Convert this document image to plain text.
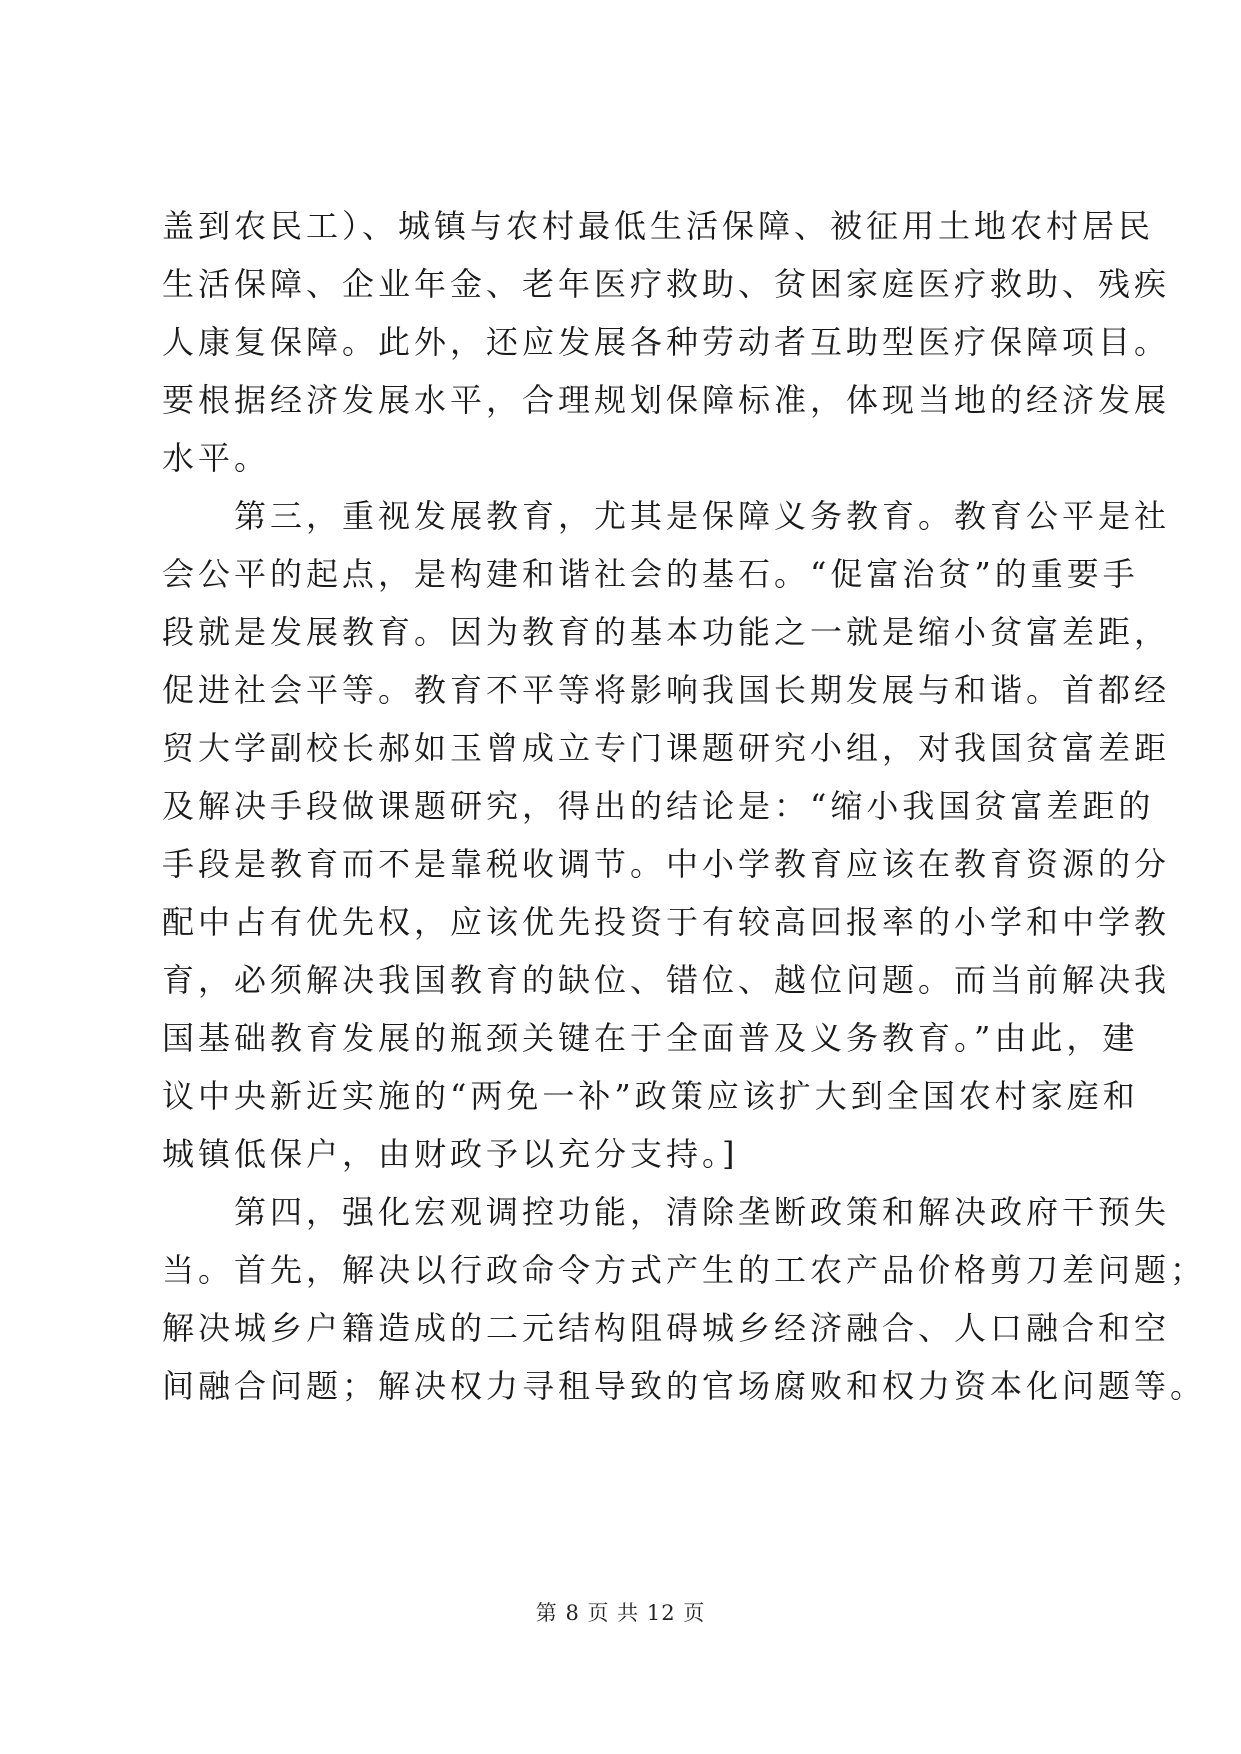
盖到农民工）、城镇与农村最低生活保障、被征用土地农村居民
生活保障、企业年金、老年医疗救助、贫困家庭医疗救助、残疾
人康复保障。此外，还应发展各种劳动者互助型医疗保障项目。
要根据经济发展水平，合理规划保障标准，体现当地的经济发展
水平。
　　第三，重视发展教育，尤其是保障义务教育。教育公平是社
会公平的起点，是构建和谐社会的基石。“促富治贫”的重要手
段就是发展教育。因为教育的基本功能之一就是缩小贫富差距，
促进社会平等。教育不平等将影响我国长期发展与和谐。首都经
贸大学副校长郝如玉曾成立专门课题研究小组，对我国贫富差距
及解决手段做课题研究，得出的结论是：“缩小我国贫富差距的
手段是教育而不是靠税收调节。中小学教育应该在教育资源的分
配中占有优先权，应该优先投资于有较高回报率的小学和中学教
育，必须解决我国教育的缺位、错位、越位问题。而当前解决我
国基础教育发展的瓶颈关键在于全面普及义务教育。”由此，建
议中央新近实施的“两免一补”政策应该扩大到全国农村家庭和
城镇低保户，由财政予以充分支持。]
　　第四，强化宏观调控功能，清除垄断政策和解决政府干预失
当。首先，解决以行政命令方式产生的工农产品价格剪刀差问题；
解决城乡户籍造成的二元结构阻碍城乡经济融合、人口融合和空
间融合问题；解决权力寻租导致的官场腐败和权力资本化问题等。
第 8 页 共 12 页
